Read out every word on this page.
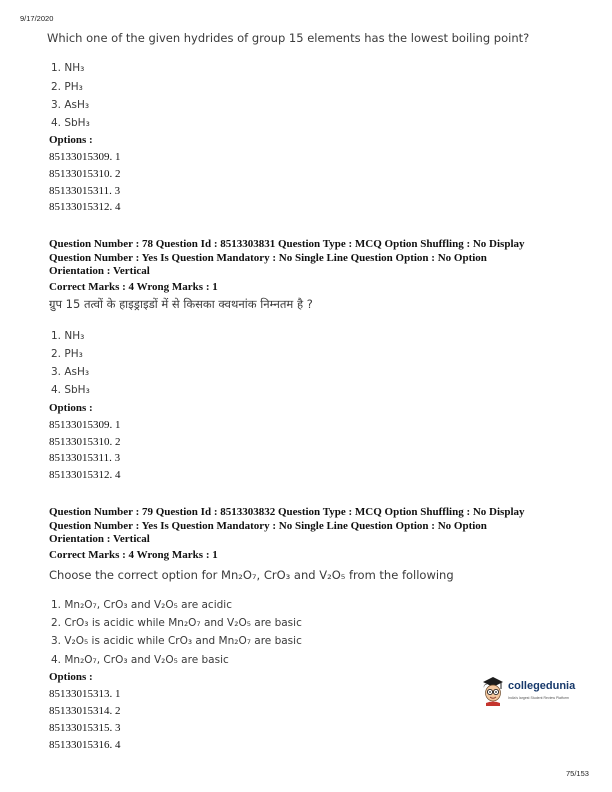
9/17/2020
Which one of the given hydrides of group 15 elements has the lowest boiling point?
1. NH₃
2. PH₃
3. AsH₃
4. SbH₃
Options :
85133015309. 1
85133015310. 2
85133015311. 3
85133015312. 4
Question Number : 78 Question Id : 8513303831 Question Type : MCQ Option Shuffling : No Display
Question Number : Yes Is Question Mandatory : No Single Line Question Option : No Option
Orientation : Vertical
Correct Marks : 4 Wrong Marks : 1
ग्रुप 15 तत्वों के हाइड्राइडों में से किसका क्वथनांक निम्नतम है ?
1. NH₃
2. PH₃
3. AsH₃
4. SbH₃
Options :
85133015309. 1
85133015310. 2
85133015311. 3
85133015312. 4
Question Number : 79 Question Id : 8513303832 Question Type : MCQ Option Shuffling : No Display
Question Number : Yes Is Question Mandatory : No Single Line Question Option : No Option
Orientation : Vertical
Correct Marks : 4 Wrong Marks : 1
Choose the correct option for Mn₂O₇, CrO₃ and V₂O₅ from the following
1. Mn₂O₇, CrO₃ and V₂O₅ are acidic
2. CrO₃ is acidic while Mn₂O₇ and V₂O₅ are basic
3. V₂O₅ is acidic while CrO₃ and Mn₂O₇ are basic
4. Mn₂O₇, CrO₃ and V₂O₅ are basic
Options :
85133015313. 1
85133015314. 2
85133015315. 3
85133015316. 4
collegedunia
India's largest Student Review Platform
75/153
